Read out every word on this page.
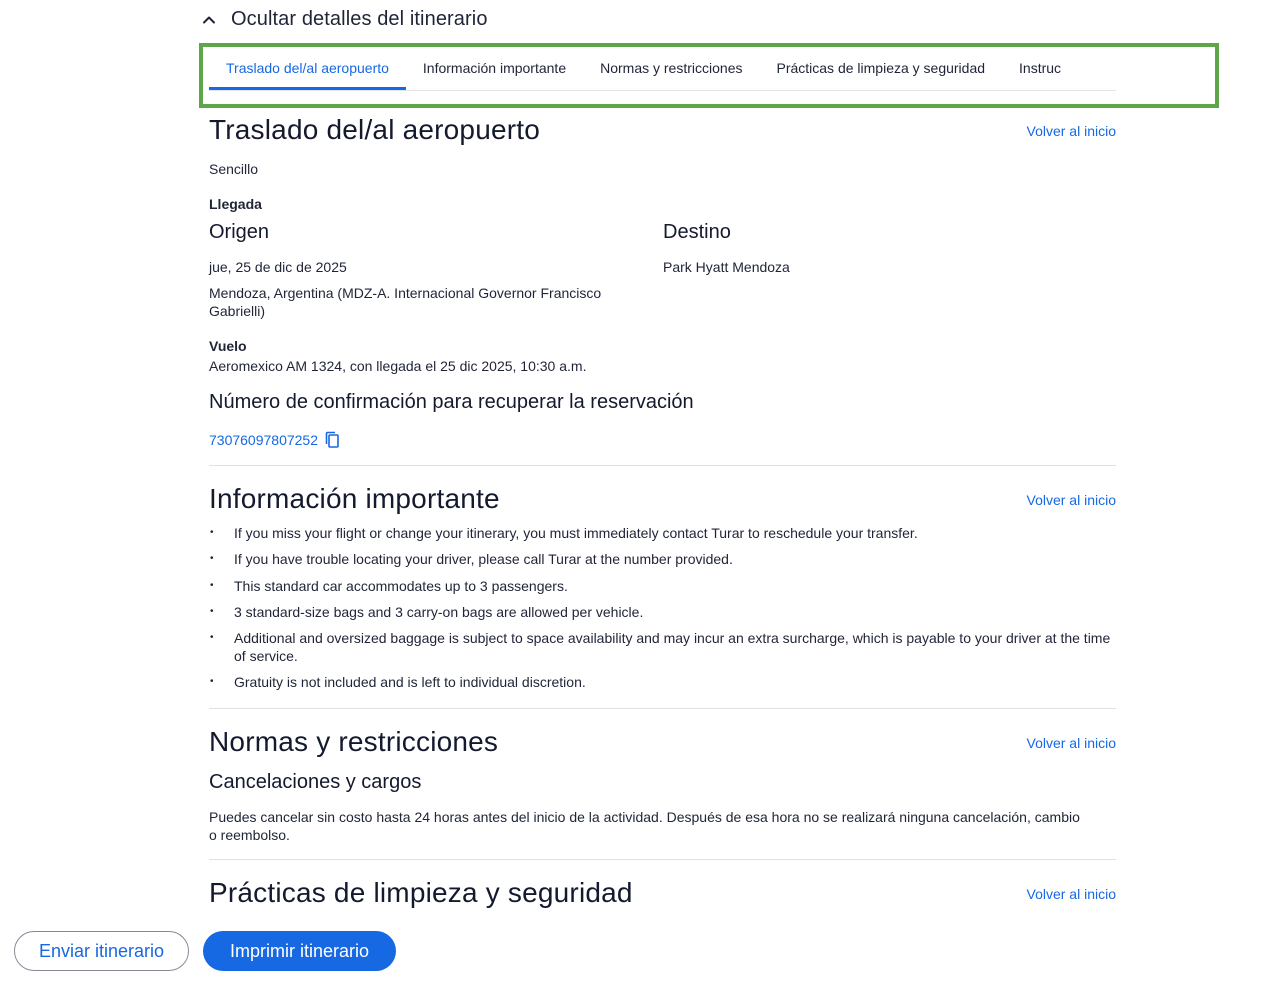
Ocultar detalles del itinerario
Traslado del/al aeropuerto	Información importante	Normas y restricciones	Prácticas de limpieza y seguridad	Instruc
Traslado del/al aeropuerto	Volver al inicio
Sencillo
Llegada
Origen
jue, 25 de dic de 2025
Mendoza, Argentina (MDZ-A. Internacional Governor Francisco Gabrielli)
Destino
Park Hyatt Mendoza
Vuelo
Aeromexico AM 1324, con llegada el 25 dic 2025, 10:30 a.m.
Número de confirmación para recuperar la reservación
73076097807252
Información importante	Volver al inicio
• If you miss your flight or change your itinerary, you must immediately contact Turar to reschedule your transfer.
• If you have trouble locating your driver, please call Turar at the number provided.
• This standard car accommodates up to 3 passengers.
• 3 standard-size bags and 3 carry-on bags are allowed per vehicle.
• Additional and oversized baggage is subject to space availability and may incur an extra surcharge, which is payable to your driver at the time of service.
• Gratuity is not included and is left to individual discretion.
Normas y restricciones	Volver al inicio
Cancelaciones y cargos
Puedes cancelar sin costo hasta 24 horas antes del inicio de la actividad. Después de esa hora no se realizará ninguna cancelación, cambio o reembolso.
Prácticas de limpieza y seguridad	Volver al inicio
Enviar itinerario	Imprimir itinerario
